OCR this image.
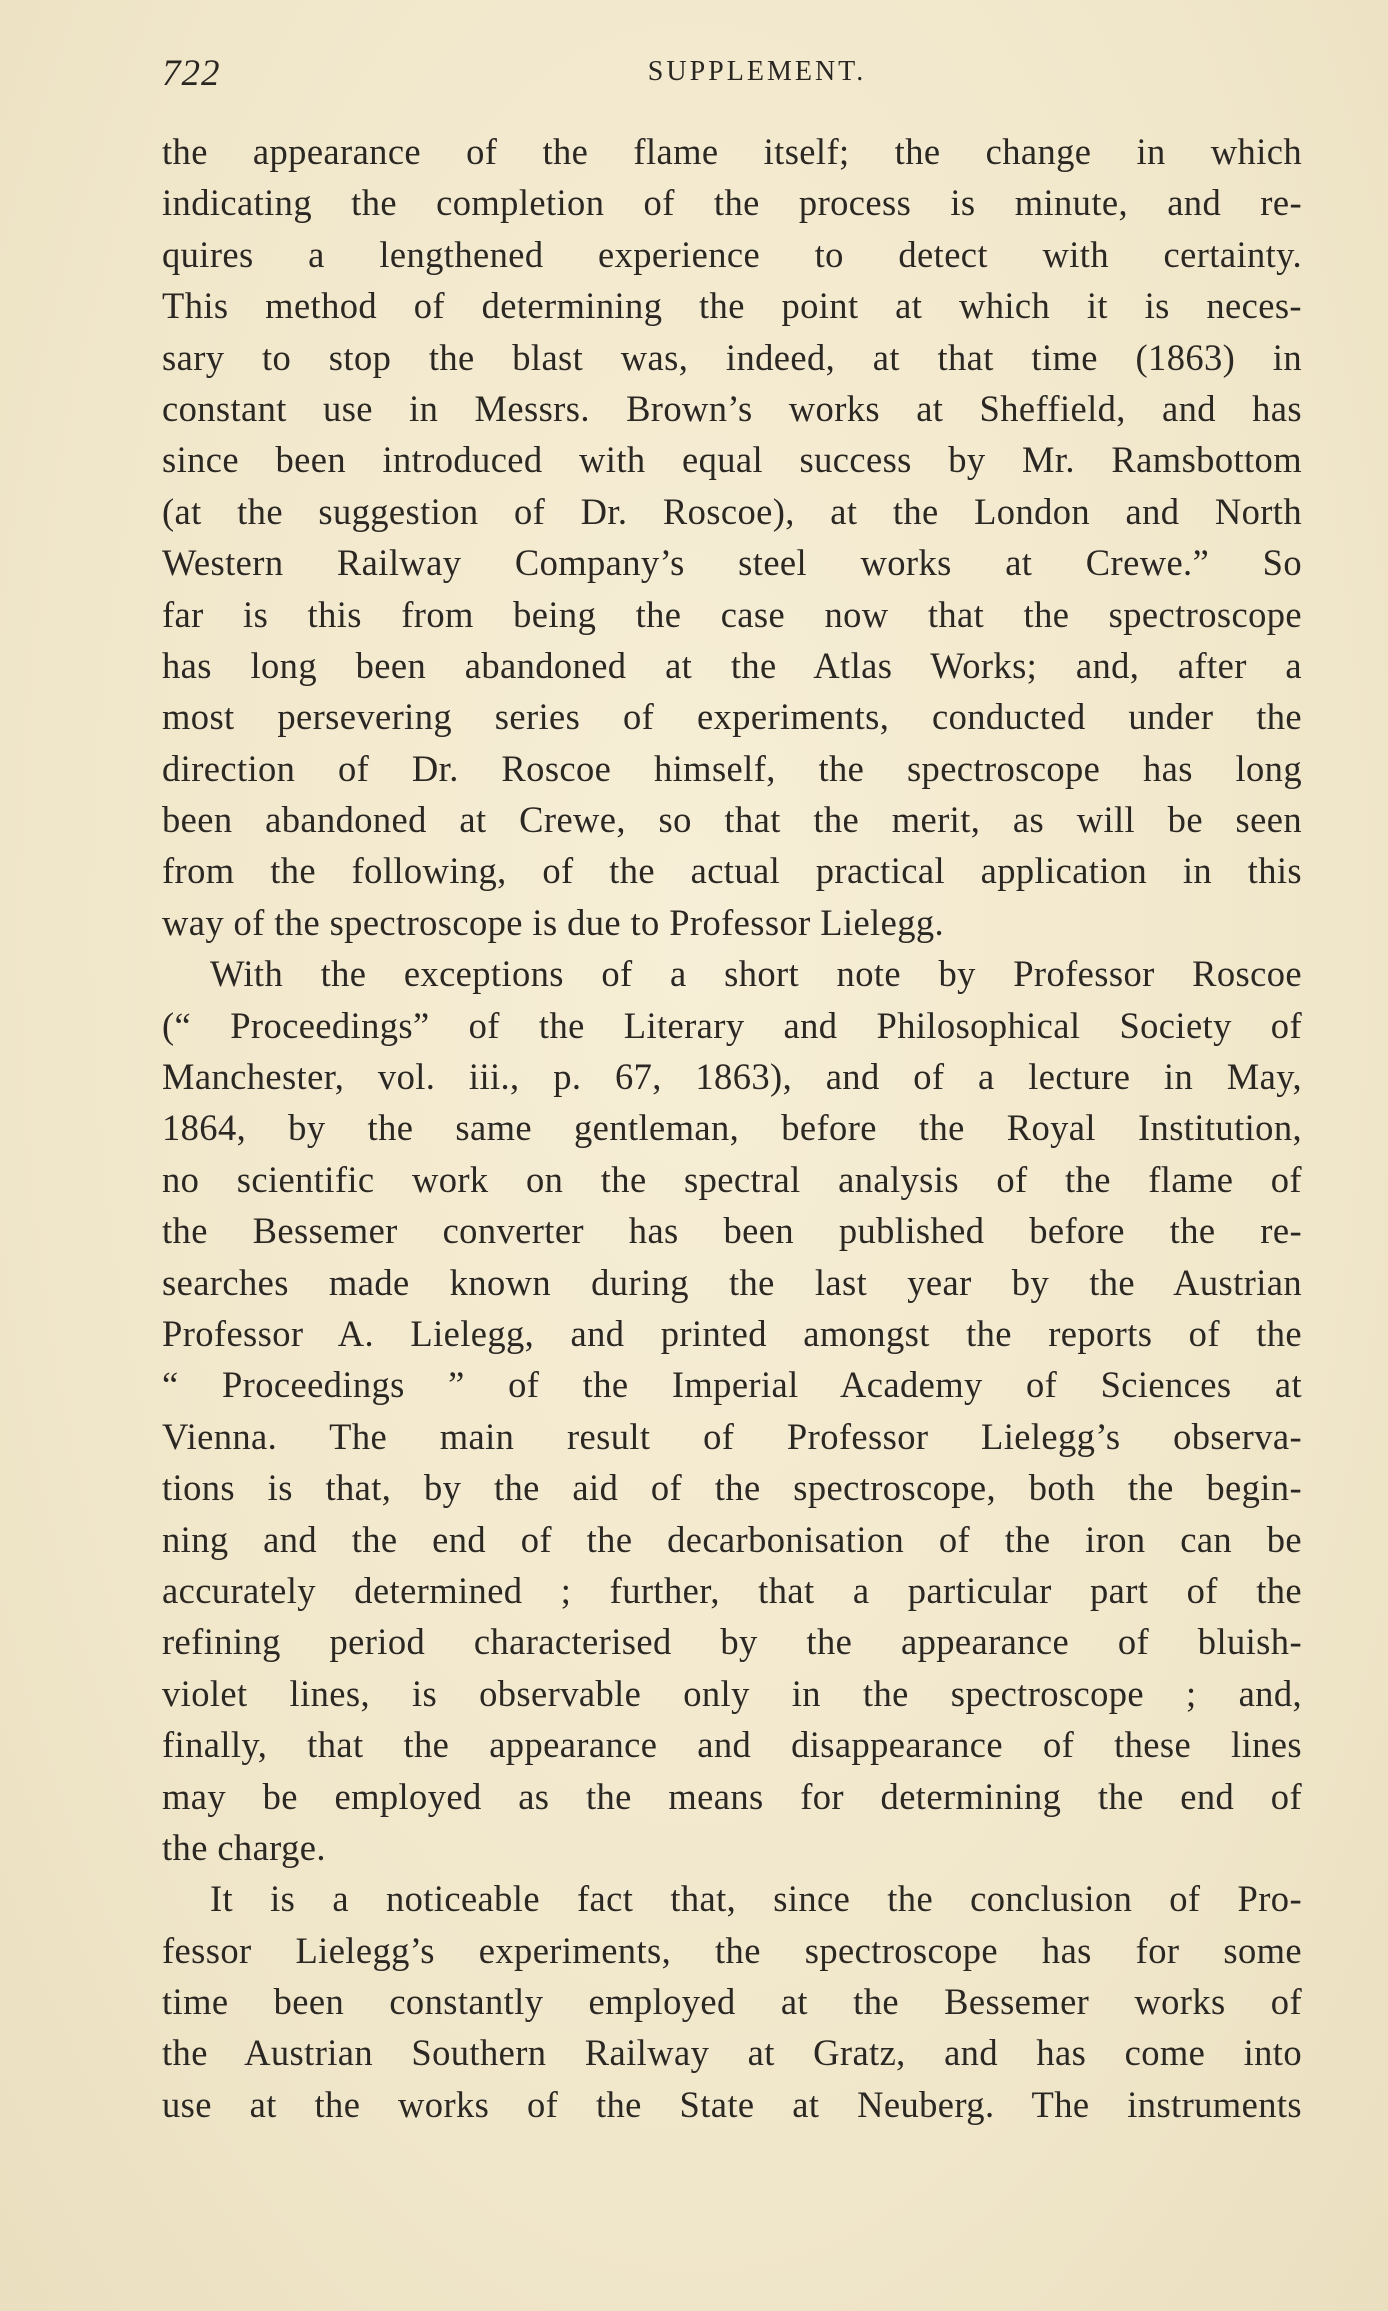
722	SUPPLEMENT.
the appearance of the flame itself; the change in which
indicating the completion of the process is minute, and re-
quires a lengthened experience to detect with certainty.
This method of determining the point at which it is neces-
sary to stop the blast was, indeed, at that time (1863) in
constant use in Messrs. Brown’s works at Sheffield, and has
since been introduced with equal success by Mr. Ramsbottom
(at the suggestion of Dr. Roscoe), at the London and North
Western Railway Company’s steel works at Crewe.” So
far is this from being the case now that the spectroscope
has long been abandoned at the Atlas Works; and, after a
most persevering series of experiments, conducted under the
direction of Dr. Roscoe himself, the spectroscope has long
been abandoned at Crewe, so that the merit, as will be seen
from the following, of the actual practical application in this
way of the spectroscope is due to Professor Lielegg.
With the exceptions of a short note by Professor Roscoe
(“ Proceedings” of the Literary and Philosophical Society of
Manchester, vol. iii., p. 67, 1863), and of a lecture in May,
1864, by the same gentleman, before the Royal Institution,
no scientific work on the spectral analysis of the flame of
the Bessemer converter has been published before the re-
searches made known during the last year by the Austrian
Professor A. Lielegg, and printed amongst the reports of the
“ Proceedings ” of the Imperial Academy of Sciences at
Vienna. The main result of Professor Lielegg’s observa-
tions is that, by the aid of the spectroscope, both the begin-
ning and the end of the decarbonisation of the iron can be
accurately determined ; further, that a particular part of the
refining period characterised by the appearance of bluish-
violet lines, is observable only in the spectroscope ; and,
finally, that the appearance and disappearance of these lines
may be employed as the means for determining the end of
the charge.
It is a noticeable fact that, since the conclusion of Pro-
fessor Lielegg’s experiments, the spectroscope has for some
time been constantly employed at the Bessemer works of
the Austrian Southern Railway at Gratz, and has come into
use at the works of the State at Neuberg. The instruments
